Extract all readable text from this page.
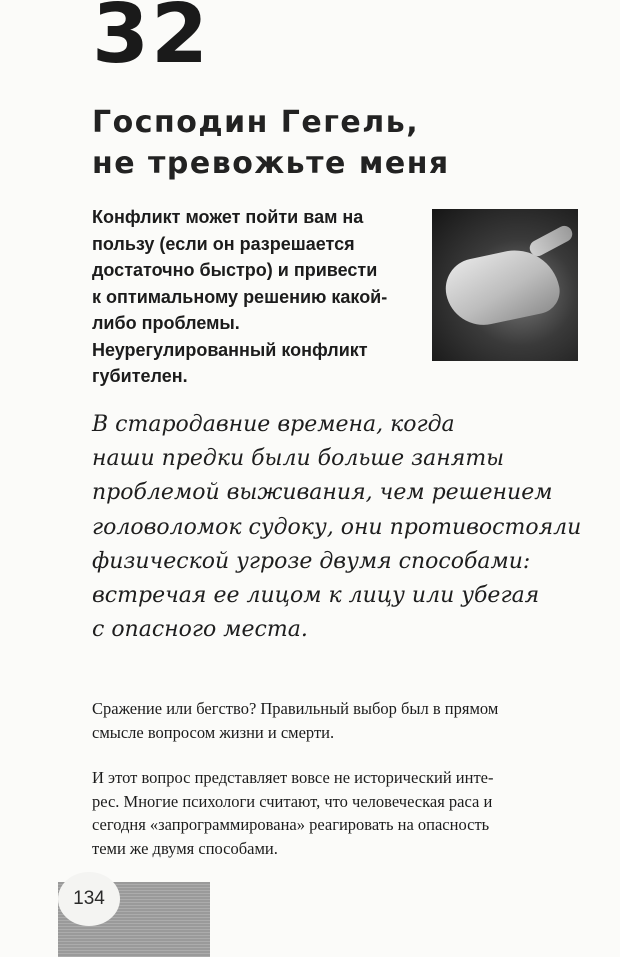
32
Господин Гегель,
не тревожьте меня
Конфликт может пойти вам на
пользу (если он разрешается
достаточно быстро) и привести
к оптимальному решению какой-
либо проблемы.
Неурегулированный конфликт
губителен.
В стародавние времена, когда
наши предки были больше заняты
проблемой выживания, чем решением
головоломок судоку, они противостояли
физической угрозе двумя способами:
встречая ее лицом к лицу или убегая
с опасного места.
Сражение или бегство? Правильный выбор был в прямом
смысле вопросом жизни и смерти.
И этот вопрос представляет вовсе не исторический инте-
рес. Многие психологи считают, что человеческая раса и
сегодня «запрограммирована» реагировать на опасность
теми же двумя способами.
134
